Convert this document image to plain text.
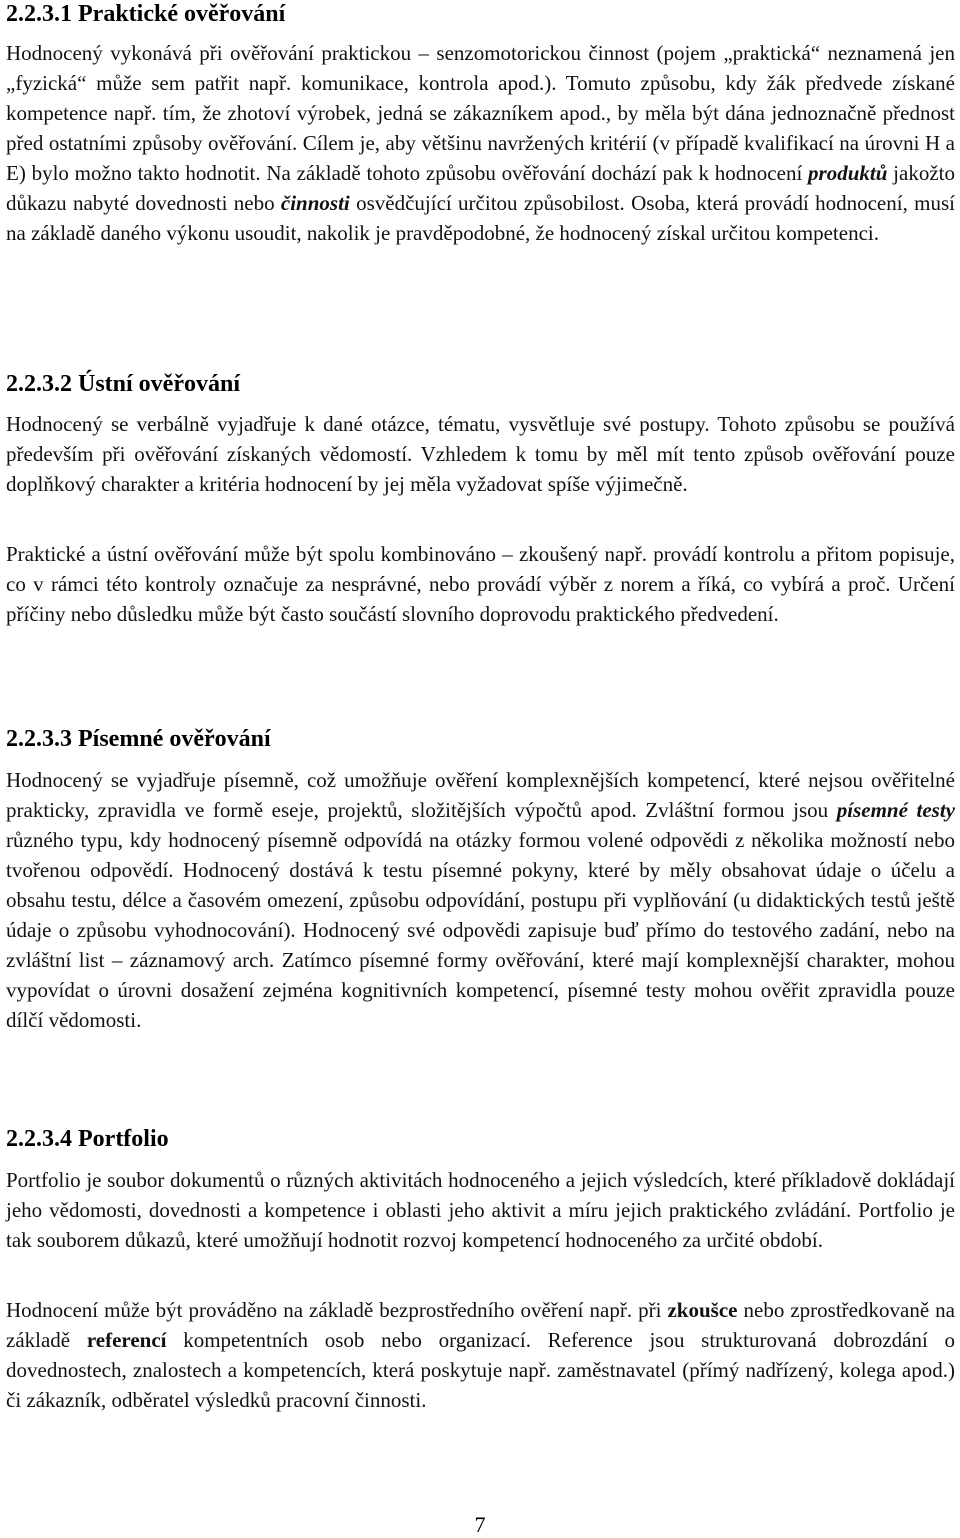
2.2.3.1 Praktické ověřování

Hodnocený vykonává při ověřování praktickou – senzomotorickou činnost (pojem „praktická“ neznamená jen „fyzická“ může sem patřit např. komunikace, kontrola apod.). Tomuto způsobu, kdy žák předvede získané kompetence např. tím, že zhotoví výrobek, jedná se zákazníkem apod., by měla být dána jednoznačně přednost před ostatními způsoby ověřování. Cílem je, aby většinu navržených kritérií (v případě kvalifikací na úrovni H a E) bylo možno takto hodnotit. Na základě tohoto způsobu ověřování dochází pak k hodnocení produktů jakožto důkazu nabyté dovednosti nebo činnosti osvědčující určitou způsobilost. Osoba, která provádí hodnocení, musí na základě daného výkonu usoudit, nakolik je pravděpodobné, že hodnocený získal určitou kompetenci.

2.2.3.2 Ústní ověřování

Hodnocený se verbálně vyjadřuje k dané otázce, tématu, vysvětluje své postupy. Tohoto způsobu se používá především při ověřování získaných vědomostí. Vzhledem k tomu by měl mít tento způsob ověřování pouze doplňkový charakter a kritéria hodnocení by jej měla vyžadovat spíše výjimečně.

Praktické a ústní ověřování může být spolu kombinováno – zkoušený např. provádí kontrolu a přitom popisuje, co v rámci této kontroly označuje za nesprávné, nebo provádí výběr z norem a říká, co vybírá a proč. Určení příčiny nebo důsledku může být často součástí slovního doprovodu praktického předvedení.

2.2.3.3 Písemné ověřování

Hodnocený se vyjadřuje písemně, což umožňuje ověření komplexnějších kompetencí, které nejsou ověřitelné prakticky, zpravidla ve formě eseje, projektů, složitějších výpočtů apod. Zvláštní formou jsou písemné testy různého typu, kdy hodnocený písemně odpovídá na otázky formou volené odpovědi z několika možností nebo tvořenou odpovědí. Hodnocený dostává k testu písemné pokyny, které by měly obsahovat údaje o účelu a obsahu testu, délce a časovém omezení, způsobu odpovídání, postupu při vyplňování (u didaktických testů ještě údaje o způsobu vyhodnocování). Hodnocený své odpovědi zapisuje buď přímo do testového zadání, nebo na zvláštní list – záznamový arch. Zatímco písemné formy ověřování, které mají komplexnější charakter, mohou vypovídat o úrovni dosažení zejména kognitivních kompetencí, písemné testy mohou ověřit zpravidla pouze dílčí vědomosti.

2.2.3.4 Portfolio

Portfolio je soubor dokumentů o různých aktivitách hodnoceného a jejich výsledcích, které příkladově dokládají jeho vědomosti, dovednosti a kompetence i oblasti jeho aktivit a míru jejich praktického zvládání. Portfolio je tak souborem důkazů, které umožňují hodnotit rozvoj kompetencí hodnoceného za určité období.

Hodnocení může být prováděno na základě bezprostředního ověření např. při zkoušce nebo zprostředkovaně na základě referencí kompetentních osob nebo organizací. Reference jsou strukturovaná dobrozdání o dovednostech, znalostech a kompetencích, která poskytuje např. zaměstnavatel (přímý nadřízený, kolega apod.) či zákazník, odběratel výsledků pracovní činnosti.

7
